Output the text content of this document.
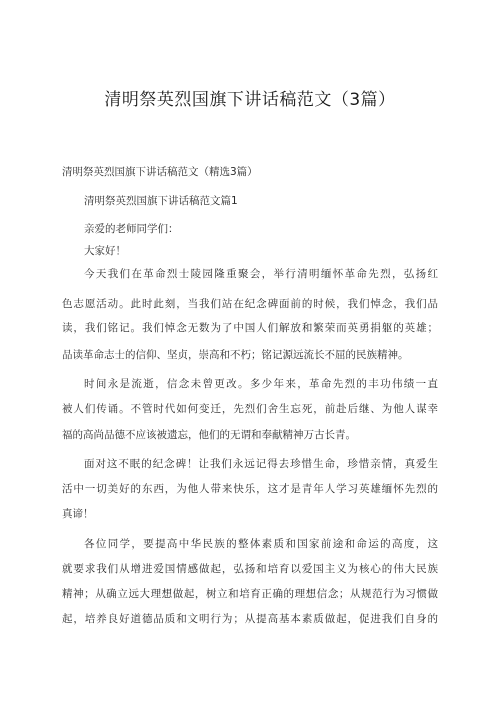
清明祭英烈国旗下讲话稿范文（3篇）
清明祭英烈国旗下讲话稿范文（精选3篇）
清明祭英烈国旗下讲话稿范文篇1
亲爱的老师同学们：
大家好！
今天我们在革命烈士陵园隆重聚会，举行清明缅怀革命先烈，弘扬红
色志愿活动。此时此刻，当我们站在纪念碑面前的时候，我们悼念，我们品
读，我们铭记。我们悼念无数为了中国人们解放和繁荣而英勇捐躯的英雄；
品读革命志士的信仰、坚贞，崇高和不朽；铭记源远流长不屈的民族精神。
时间永是流逝，信念未曾更改。多少年来，革命先烈的丰功伟绩一直
被人们传诵。不管时代如何变迁，先烈们舍生忘死，前赴后继、为他人谋幸
福的高尚品德不应该被遗忘，他们的无谓和奉献精神万古长青。
面对这不眠的纪念碑！让我们永远记得去珍惜生命，珍惜亲情，真爱生
活中一切美好的东西，为他人带来快乐，这才是青年人学习英雄缅怀先烈的
真谛！
各位同学，要提高中华民族的整体素质和国家前途和命运的高度，这
就要求我们从增进爱国情感做起，弘扬和培育以爱国主义为核心的伟大民族
精神；从确立远大理想做起，树立和培育正确的理想信念；从规范行为习惯做
起，培养良好道德品质和文明行为；从提高基本素质做起，促进我们自身的
